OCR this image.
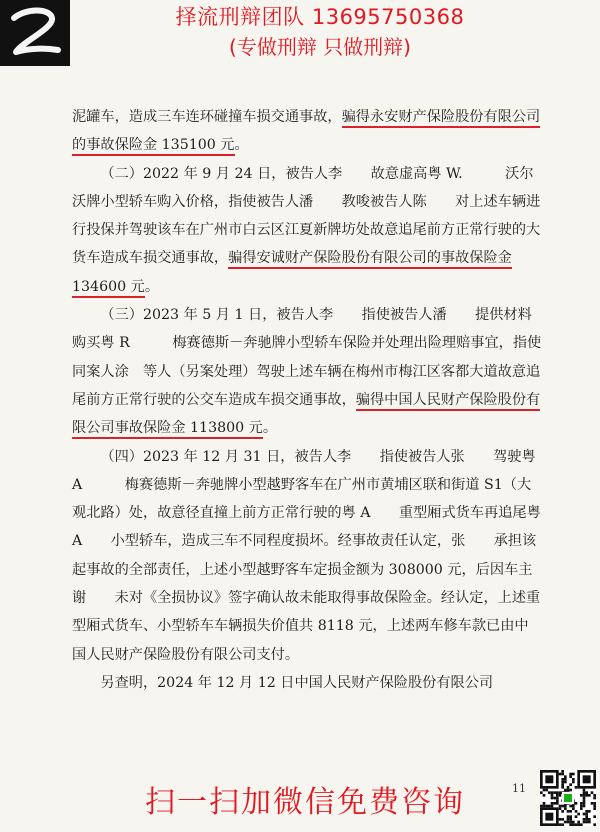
择流刑辩团队 13695750368
(专做刑辩 只做刑辩)

泥罐车，造成三车连环碰撞车损交通事故，骗得永安财产保险股份有限公司的事故保险金 135100 元。

（二）2022 年 9 月 24 日，被告人李　　故意虚高粤 W.　　　沃尔沃牌小型轿车购入价格，指使被告人潘　　教唆被告人陈　　对上述车辆进行投保并驾驶该车在广州市白云区江夏新牌坊处故意追尾前方正常行驶的大货车造成车损交通事故，骗得安诚财产保险股份有限公司的事故保险金 134600 元。

（三）2023 年 5 月 1 日，被告人李　　指使被告人潘　　提供材料购买粤 R　　　梅赛德斯－奔驰牌小型轿车保险并处理出险理赔事宜，指使同案人涂　等人（另案处理）驾驶上述车辆在梅州市梅江区客都大道故意追尾前方正常行驶的公交车造成车损交通事故，骗得中国人民财产保险股份有限公司事故保险金 113800 元。

（四）2023 年 12 月 31 日，被告人李　　指使被告人张　　驾驶粤 A　　　梅赛德斯－奔驰牌小型越野客车在广州市黄埔区联和街道 S1（大观北路）处，故意径直撞上前方正常行驶的粤 A　　重型厢式货车再追尾粤 A　　小型轿车，造成三车不同程度损坏。经事故责任认定，张　　承担该起事故的全部责任，上述小型越野客车定损金额为 308000 元，后因车主谢　　未对《全损协议》签字确认故未能取得事故保险金。经认定，上述重型厢式货车、小型轿车车辆损失价值共 8118 元，上述两车修车款已由中国人民财产保险股份有限公司支付。

另查明，2024 年 12 月 12 日中国人民财产保险股份有限公司

11
扫一扫加微信免费咨询
